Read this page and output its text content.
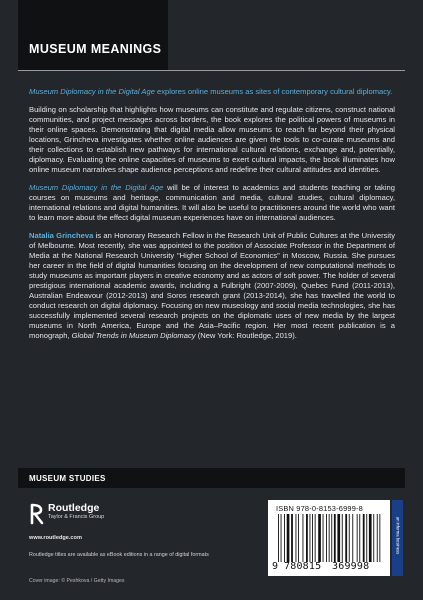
MUSEUM MEANINGS

Museum Diplomacy in the Digital Age explores online museums as sites of contemporary cultural diplomacy.

Building on scholarship that highlights how museums can constitute and regulate citizens, construct national communities, and project messages across borders, the book explores the political powers of museums in their online spaces. Demonstrating that digital media allow museums to reach far beyond their physical locations, Grincheva investigates whether online audiences are given the tools to co-curate museums and their collections to establish new pathways for international cultural relations, exchange and, potentially, diplomacy. Evaluating the online capacities of museums to exert cultural impacts, the book illuminates how online museum narratives shape audience perceptions and redefine their cultural attitudes and identities.

Museum Diplomacy in the Digital Age will be of interest to academics and students teaching or taking courses on museums and heritage, communication and media, cultural studies, cultural diplomacy, international relations and digital humanities. It will also be useful to practitioners around the world who want to learn more about the effect digital museum experiences have on international audiences.

Natalia Grincheva is an Honorary Research Fellow in the Research Unit of Public Cultures at the University of Melbourne. Most recently, she was appointed to the position of Associate Professor in the Department of Media at the National Research University "Higher School of Economics" in Moscow, Russia. She pursues her career in the field of digital humanities focusing on the development of new computational methods to study museums as important players in creative economy and as actors of soft power. The holder of several prestigious international academic awards, including a Fulbright (2007-2009), Quebec Fund (2011-2013), Australian Endeavour (2012-2013) and Soros research grant (2013-2014), she has travelled the world to conduct research on digital diplomacy. Focusing on new museology and social media technologies, she has successfully implemented several research projects on the diplomatic uses of new media by the largest museums in North America, Europe and the Asia–Pacific region. Her most recent publication is a monograph, Global Trends in Museum Diplomacy (New York: Routledge, 2019).

MUSEUM STUDIES
Routledge
Taylor & Francis Group
www.routledge.com
Routledge titles are available as eBook editions in a range of digital formats
Cover image: © Peshkova / Getty Images
ISBN 978-0-8153-6999-8
9 780815 369998
an informa business
